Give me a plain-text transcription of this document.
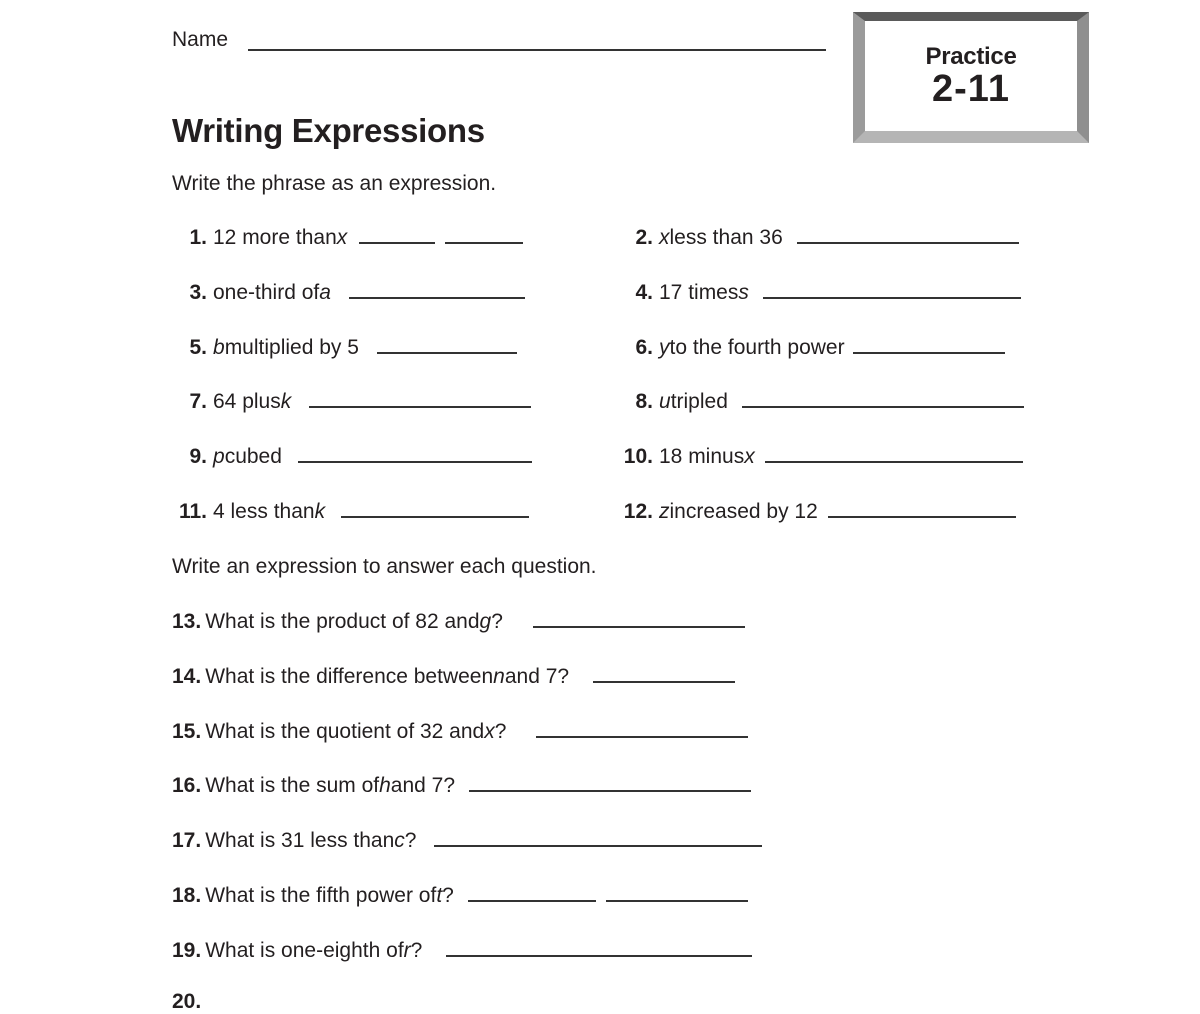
Name
Practice
2-11
Writing Expressions
Write the phrase as an expression.
1. 12 more than x
3. one-third of a
5. b multiplied by 5
7. 64 plus k
9. p cubed
11. 4 less than k
2. x less than 36
4. 17 times s
6. y to the fourth power
8. u tripled
10. 18 minus x
12. z increased by 12
Write an expression to answer each question.
13. What is the product of 82 and g ?
14. What is the difference between n and 7?
15. What is the quotient of 32 and x ?
16. What is the sum of h and 7?
17. What is 31 less than c ?
18. What is the fifth power of t ?
19. What is one-eighth of r ?
20.
